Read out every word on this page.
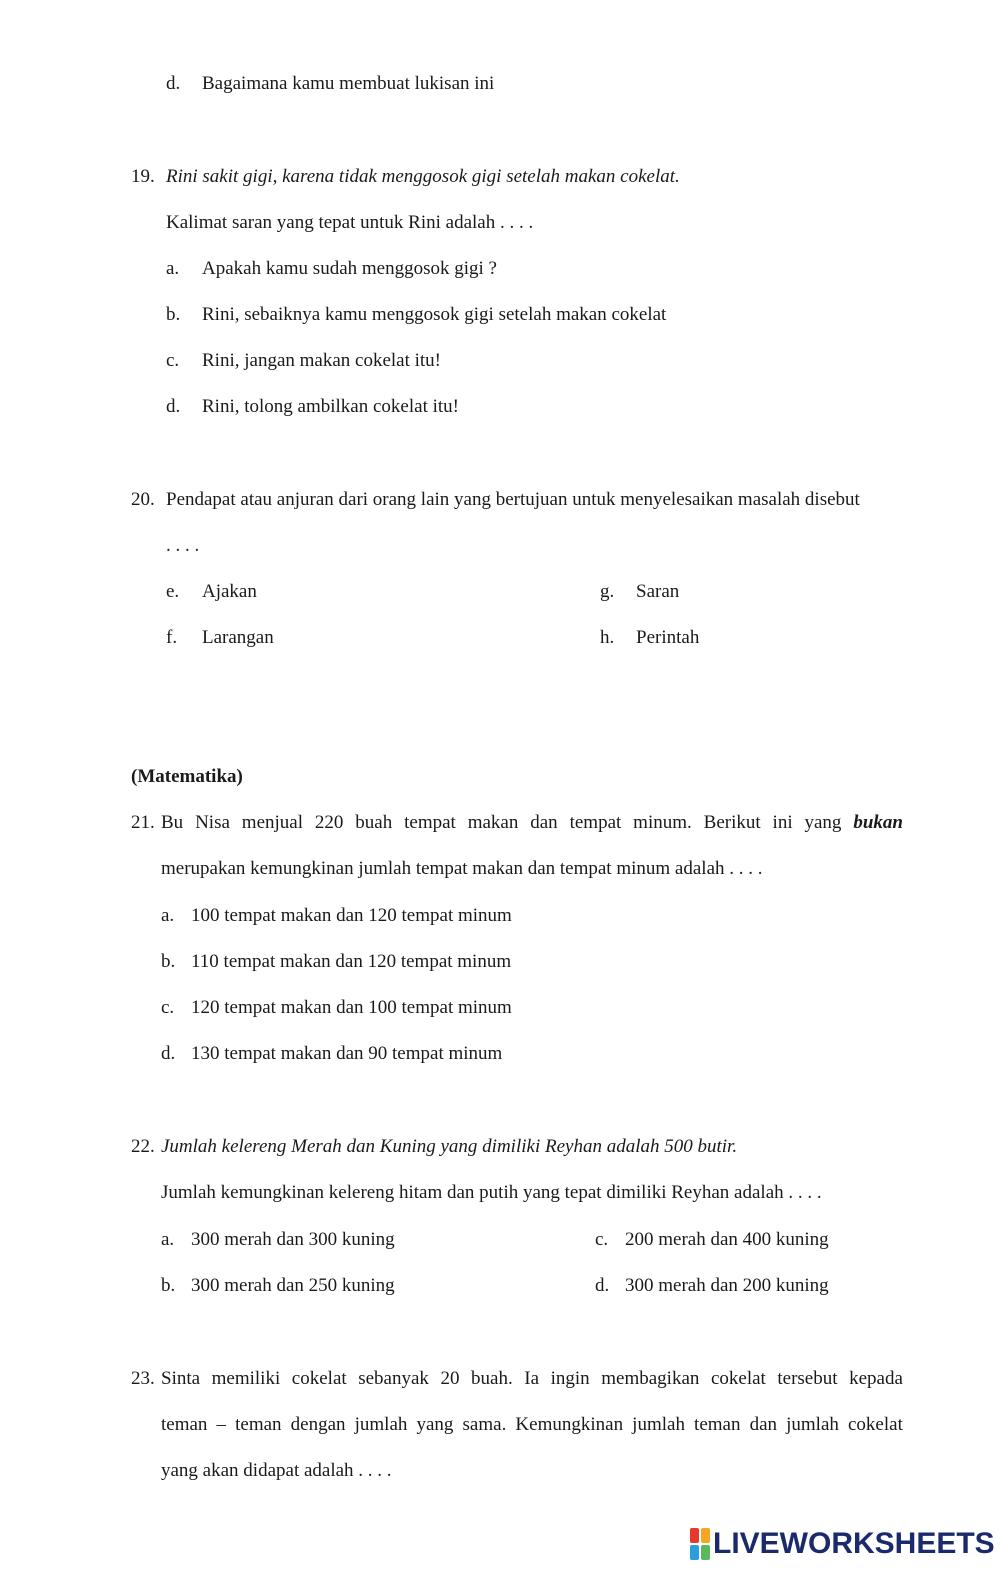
d. Bagaimana kamu membuat lukisan ini
19. Rini sakit gigi, karena tidak menggosok gigi setelah makan cokelat.
Kalimat saran yang tepat untuk Rini adalah . . . .
a. Apakah kamu sudah menggosok gigi ?
b. Rini, sebaiknya kamu menggosok gigi setelah makan cokelat
c. Rini, jangan makan cokelat itu!
d. Rini, tolong ambilkan cokelat itu!
20. Pendapat atau anjuran dari orang lain yang bertujuan untuk menyelesaikan masalah disebut
. . . .
e. Ajakan
f. Larangan
g. Saran
h. Perintah
(Matematika)
21. Bu Nisa menjual 220 buah tempat makan dan tempat minum. Berikut ini yang bukan
merupakan kemungkinan jumlah tempat makan dan tempat minum adalah . . . .
a. 100 tempat makan dan 120 tempat minum
b. 110 tempat makan dan 120 tempat minum
c. 120 tempat makan dan 100 tempat minum
d. 130 tempat makan dan 90 tempat minum
22. Jumlah kelereng Merah dan Kuning yang dimiliki Reyhan adalah 500 butir.
Jumlah kemungkinan kelereng hitam dan putih yang tepat dimiliki Reyhan adalah . . . .
a. 300 merah dan 300 kuning
b. 300 merah dan 250 kuning
c. 200 merah dan 400 kuning
d. 300 merah dan 200 kuning
23. Sinta memiliki cokelat sebanyak 20 buah. Ia ingin membagikan cokelat tersebut kepada
teman – teman dengan jumlah yang sama. Kemungkinan jumlah teman dan jumlah cokelat
yang akan didapat adalah . . . .
LIVEWORKSHEETS
